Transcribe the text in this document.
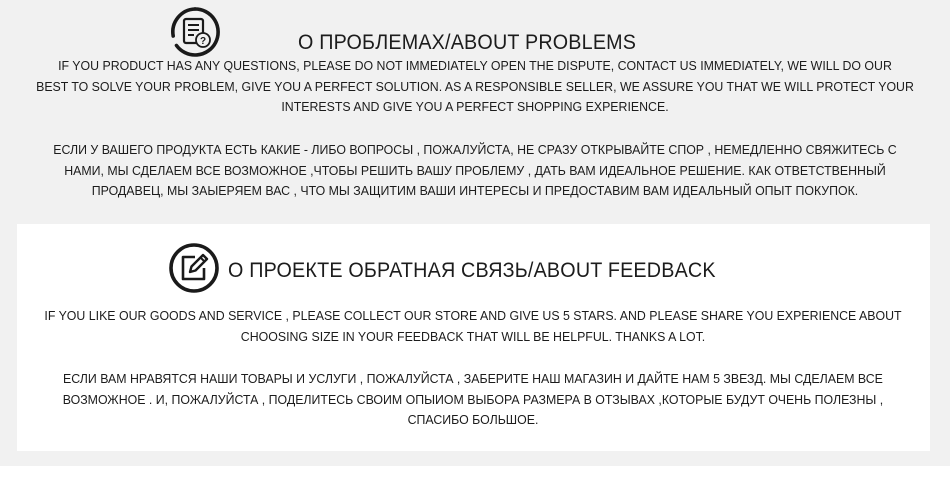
?	О ПРОБЛЕМАХ/ABOUT PROBLEMS
IF YOU PRODUCT HAS ANY QUESTIONS, PLEASE DO NOT IMMEDIATELY OPEN THE DISPUTE, CONTACT US IMMEDIATELY, WE WILL DO OUR
BEST TO SOLVE YOUR PROBLEM, GIVE YOU A PERFECT SOLUTION. AS A RESPONSIBLE SELLER, WE ASSURE YOU THAT WE WILL PROTECT YOUR
INTERESTS AND GIVE YOU A PERFECT SHOPPING EXPERIENCE.
ЕСЛИ У ВАШЕГО ПРОДУКТА ЕСТЬ КАКИЕ - ЛИБО ВОПРОСЫ , ПОЖАЛУЙСТА, НЕ СРАЗУ ОТКРЫВАЙТЕ СПОР , НЕМЕДЛЕННО СВЯЖИТЕСЬ С
НАМИ, МЫ СДЕЛАЕМ ВСЕ ВОЗМОЖНОЕ ,ЧТОБЫ РЕШИТЬ ВАШУ ПРОБЛЕМУ , ДАТЬ ВАМ ИДЕАЛЬНОЕ РЕШЕНИЕ. КАК ОТВЕТСТВЕННЫЙ
ПРОДАВЕЦ, МЫ ЗАЫЕРЯЕМ ВАС , ЧТО МЫ ЗАЩИТИМ ВАШИ ИНТЕРЕСЫ И ПРЕДОСТАВИМ ВАМ ИДЕАЛЬНЫЙ ОПЫТ ПОКУПОК.
О ПРОЕКТЕ ОБРАТНАЯ СВЯЗЬ/ABOUT FEEDBACK
IF YOU LIKE OUR GOODS AND SERVICE , PLEASE COLLECT OUR STORE AND GIVE US 5 STARS. AND PLEASE SHARE YOU EXPERIENCE ABOUT
CHOOSING SIZE IN YOUR FEEDBACK THAT WILL BE HELPFUL. THANKS A LOT.
ЕСЛИ ВАМ НРАВЯТСЯ НАШИ ТОВАРЫ И УСЛУГИ , ПОЖАЛУЙСТА , ЗАБЕРИТЕ НАШ МАГАЗИН И ДАЙТЕ НАМ 5 ЗВЕЗД. МЫ СДЕЛАЕМ ВСЕ
ВОЗМОЖНОЕ . И, ПОЖАЛУЙСТА , ПОДЕЛИТЕСЬ СВОИМ ОПЫИОМ ВЫБОРА РАЗМЕРА В ОТЗЫВАХ ,КОТОРЫЕ БУДУТ ОЧЕНЬ ПОЛЕЗНЫ ,
СПАСИБО БОЛЬШОЕ.
